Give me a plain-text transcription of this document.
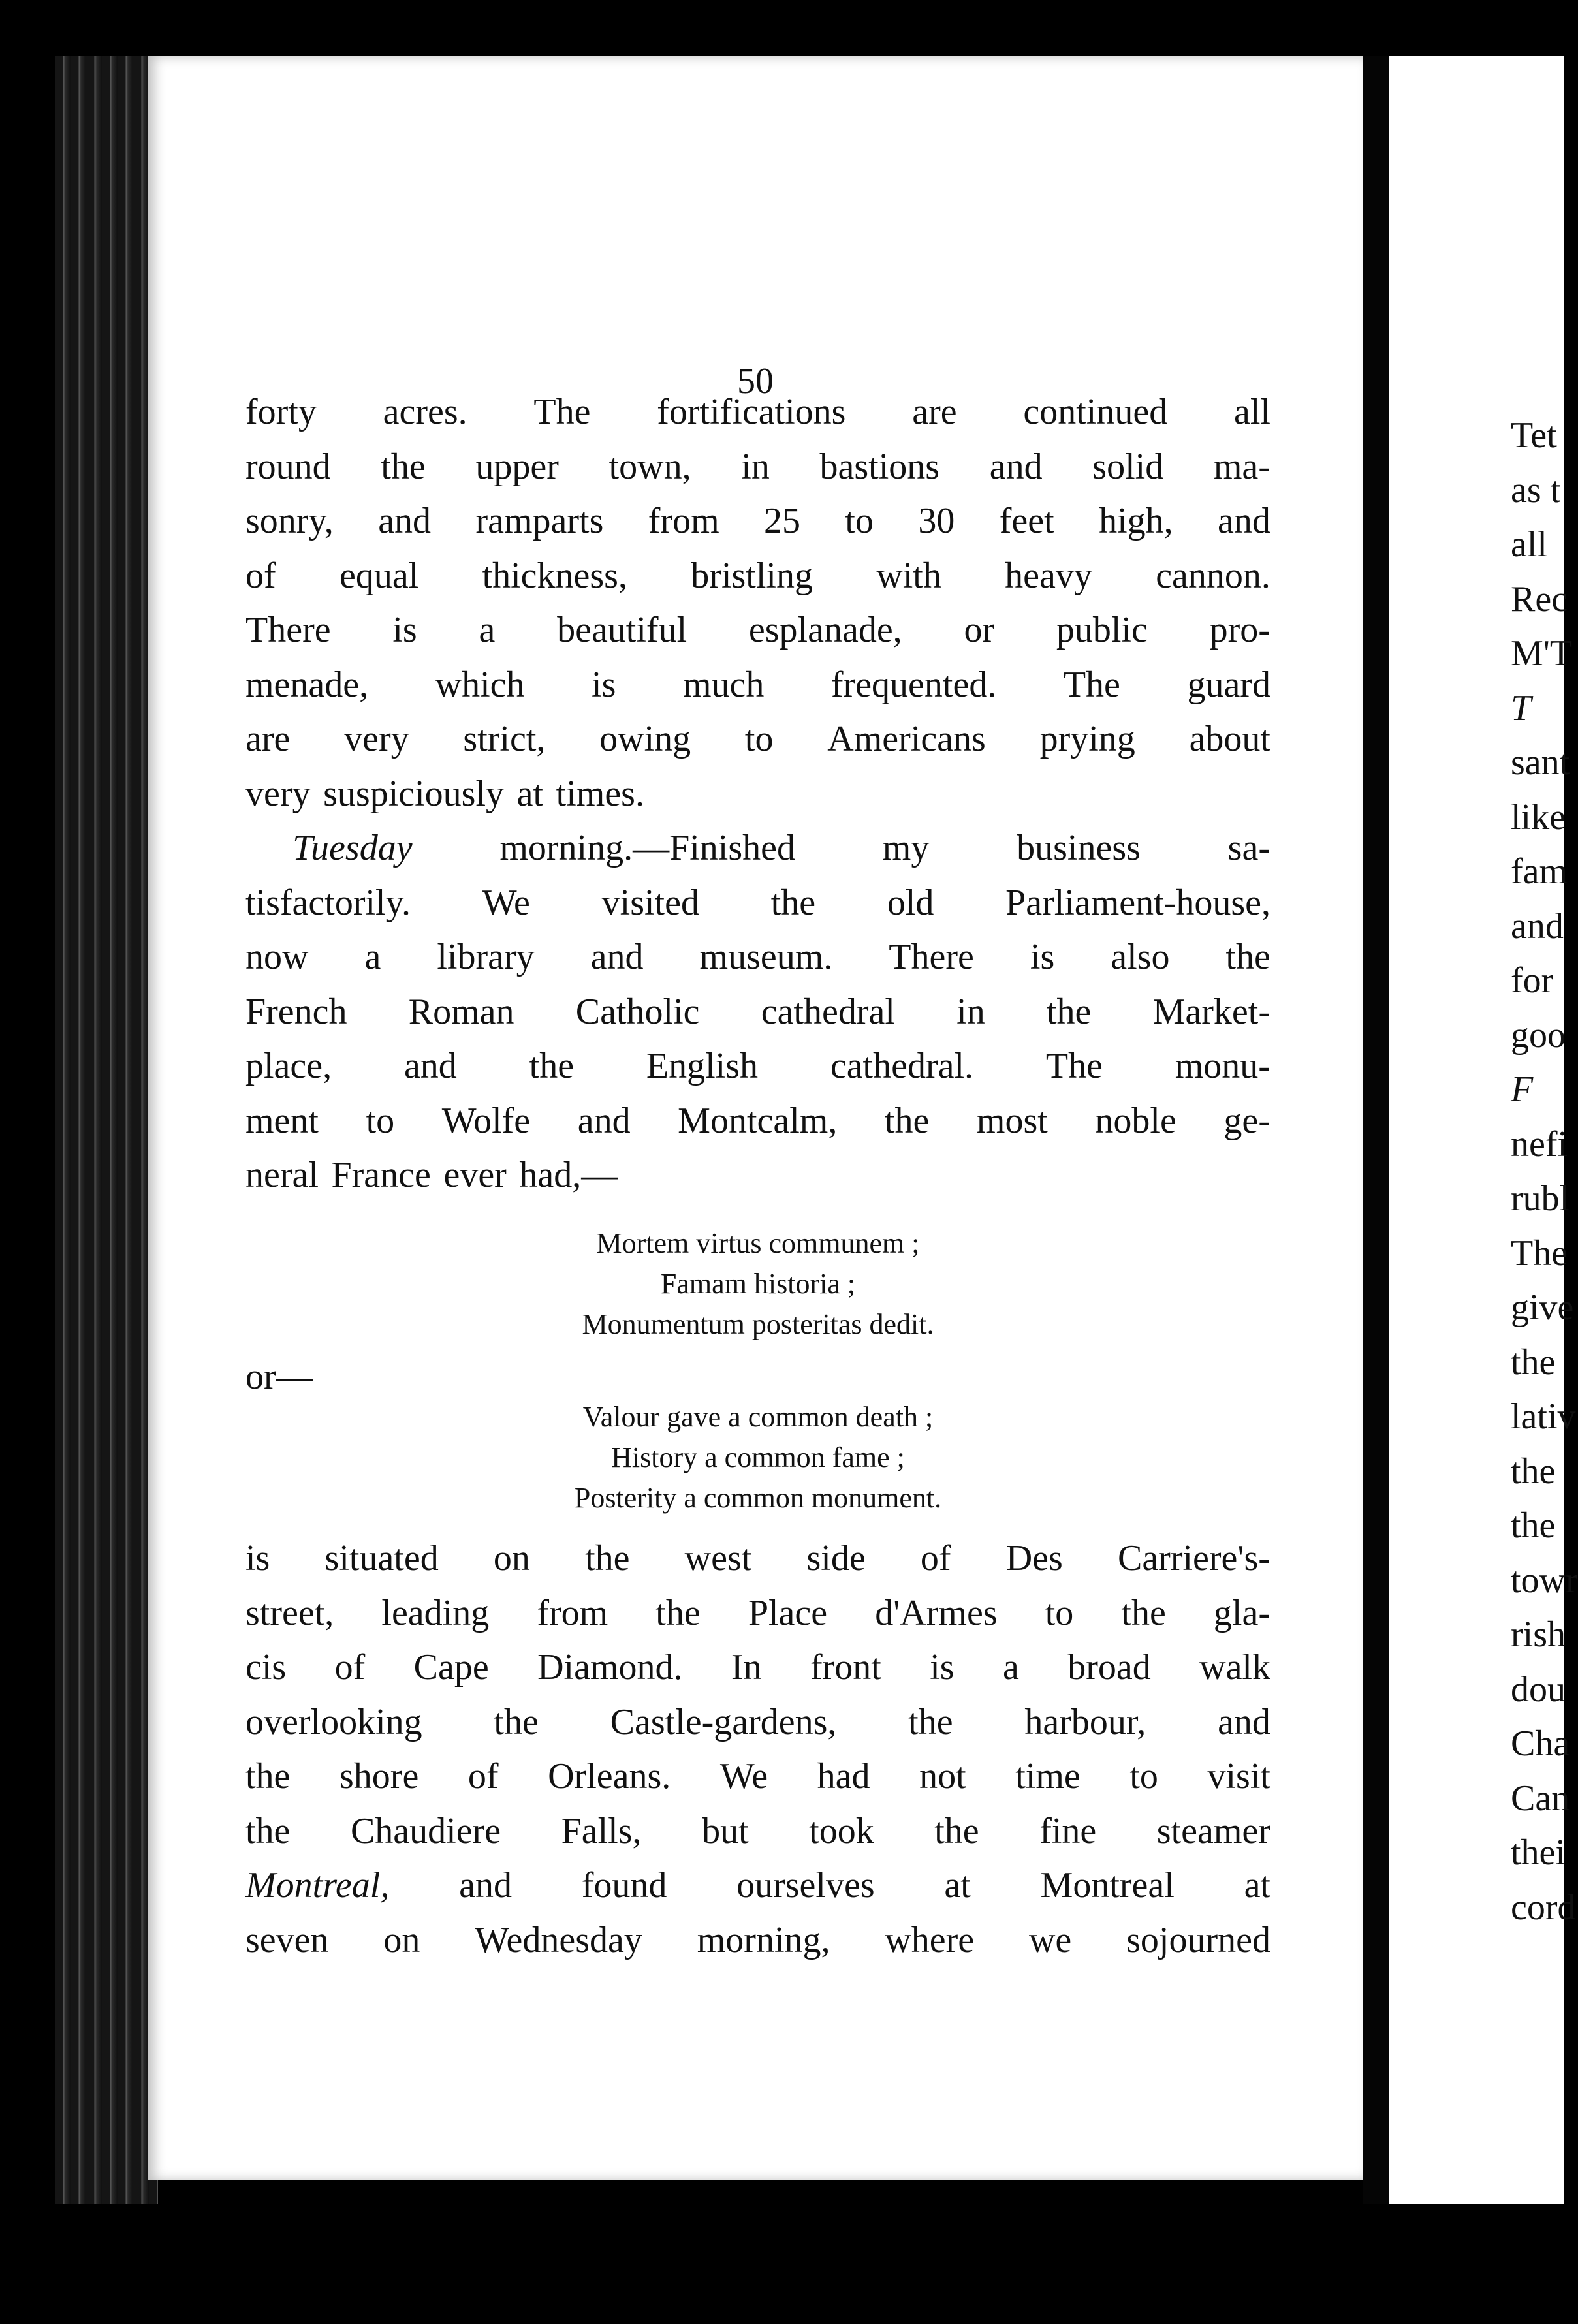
50
forty acres. The fortifications are continued all
round the upper town, in bastions and solid ma-
sonry, and ramparts from 25 to 30 feet high, and
of equal thickness, bristling with heavy cannon.
There is a beautiful esplanade, or public pro-
menade, which is much frequented. The guard
are very strict, owing to Americans prying about
very suspiciously at times.
Tuesday morning.—Finished my business sa-
tisfactorily. We visited the old Parliament-house,
now a library and museum. There is also the
French Roman Catholic cathedral in the Market-
place, and the English cathedral. The monu-
ment to Wolfe and Montcalm, the most noble ge-
neral France ever had,—
Mortem virtus communem ;
Famam historia ;
Monumentum posteritas dedit.
or—
Valour gave a common death ;
History a common fame ;
Posterity a common monument.
is situated on the west side of Des Carriere's-
street, leading from the Place d'Armes to the gla-
cis of Cape Diamond. In front is a broad walk
overlooking the Castle-gardens, the harbour, and
the shore of Orleans. We had not time to visit
the Chaudiere Falls, but took the fine steamer
Montreal, and found ourselves at Montreal at
seven on Wednesday morning, where we sojourned
Tet
as t
all
Rec
M'T
T
sant
like
fam
and
for
goo
F
nefi
rubl
The
give
the
lativ
the
the
towr
rish
dou
Cha
Can
thei
cord
